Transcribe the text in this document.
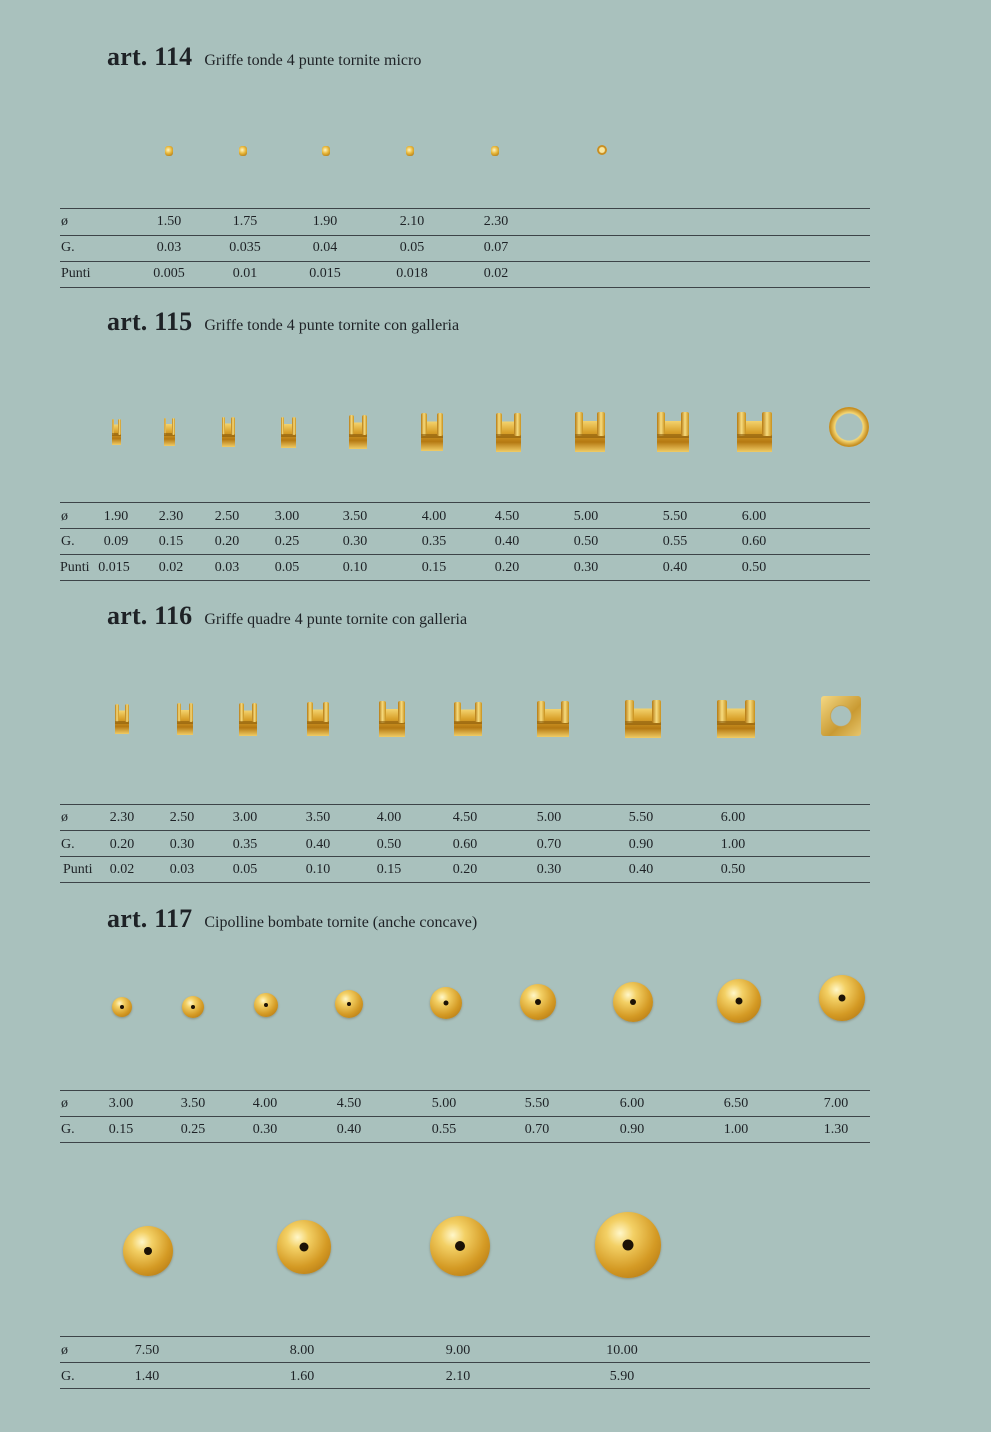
art. 114 Griffe tonde 4 punte tornite micro
art. 115 Griffe tonde 4 punte tornite con galleria
art. 116 Griffe quadre 4 punte tornite con galleria
art. 117 Cipolline bombate tornite (anche concave)
ø	1.50	1.75	1.90	2.10	2.30
G.	0.03	0.035	0.04	0.05	0.07
Punti	0.005	0.01	0.015	0.018	0.02
ø	1.90 2.30 2.50	3.00	3.50	4.00	4.50	5.00	5.50	6.00
G. 0.09 0.15 0.20	0.25	0.30	0.35	0.40	0.50	0.55	0.60
Punti 0.015 0.02 0.03	0.05	0.10	0.15	0.20	0.30	0.40	0.50
ø	2.30	2.50	3.00	3.50	4.00	4.50	5.00	5.50	6.00
G.	0.20	0.30	0.35	0.40	0.50	0.60	0.70	0.90	1.00
Punti 0.02	0.03	0.05	0.10	0.15	0.20	0.30	0.40	0.50
ø	3.00	3.50	4.00	4.50	5.00	5.50	6.00	6.50	7.00
G. 0.15	0.25	0.30	0.40	0.55	0.70	0.90	1.00	1.30
ø	7.50	8.00	9.00	10.00
G.	1.40	1.60	2.10	5.90
